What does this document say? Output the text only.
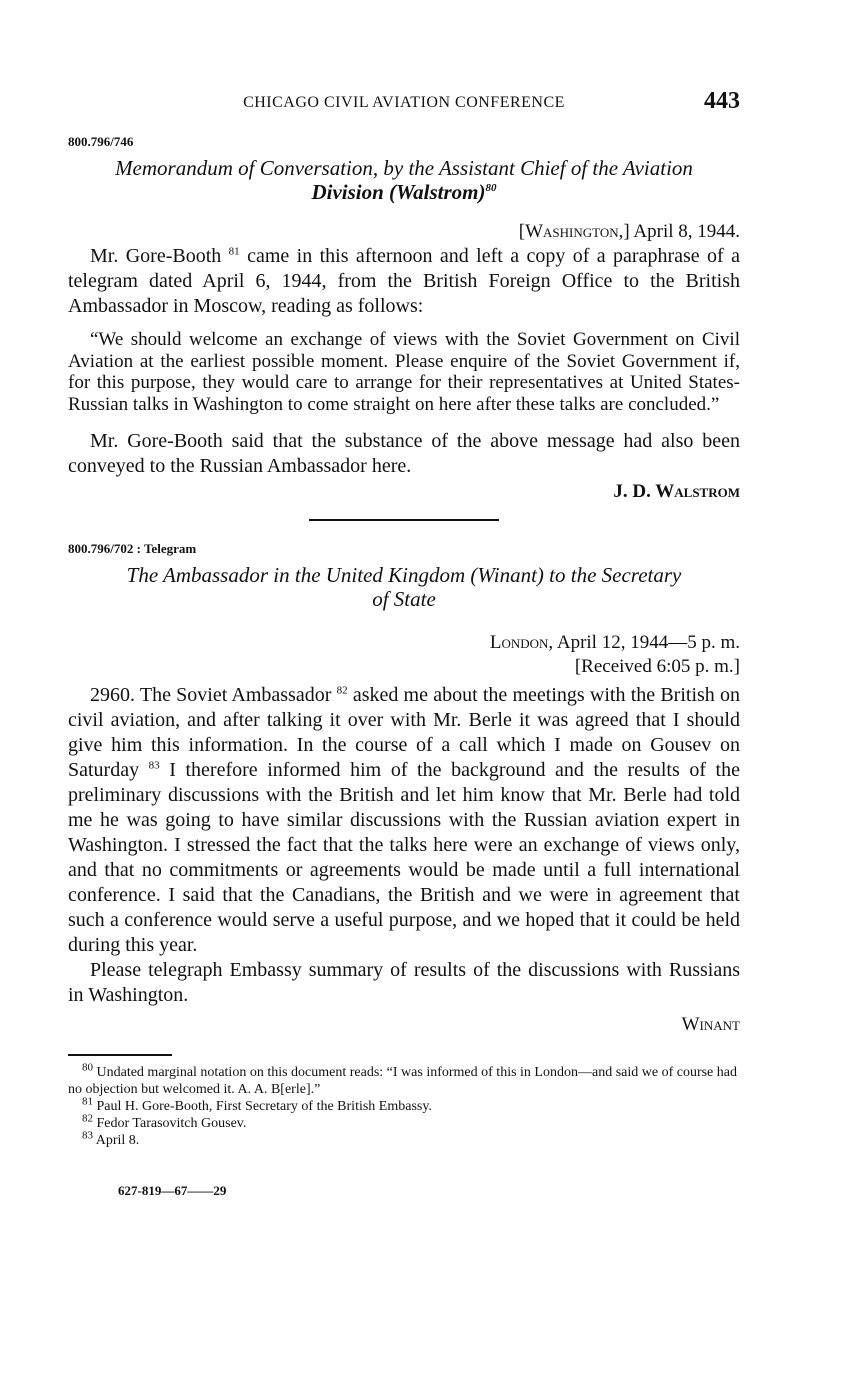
CHICAGO CIVIL AVIATION CONFERENCE	443
800.796/746
Memorandum of Conversation, by the Assistant Chief of the Aviation
Division (Walstrom)$^{80}$
[Washington,] April 8, 1944.

Mr. Gore-Booth $^{81}$ came in this afternoon and left a copy of a paraphrase of a telegram dated April 6, 1944, from the British Foreign Office to the British Ambassador in Moscow, reading as follows:

“We should welcome an exchange of views with the Soviet Government on Civil Aviation at the earliest possible moment. Please enquire of the Soviet Government if, for this purpose, they would care to arrange for their representatives at United States-Russian talks in Washington to come straight on here after these talks are concluded.”

Mr. Gore-Booth said that the substance of the above message had also been conveyed to the Russian Ambassador here.

J. D. Walstrom
800.796/702 : Telegram
The Ambassador in the United Kingdom (Winant) to the Secretary
of State
London, April 12, 1944—5 p. m.
[Received 6:05 p. m.]

2960. The Soviet Ambassador $^{82}$ asked me about the meetings with the British on civil aviation, and after talking it over with Mr. Berle it was agreed that I should give him this information. In the course of a call which I made on Gousev on Saturday $^{83}$ I therefore informed him of the background and the results of the preliminary discussions with the British and let him know that Mr. Berle had told me he was going to have similar discussions with the Russian aviation expert in Washington. I stressed the fact that the talks here were an exchange of views only, and that no commitments or agreements would be made until a full international conference. I said that the Canadians, the British and we were in agreement that such a conference would serve a useful purpose, and we hoped that it could be held during this year.

Please telegraph Embassy summary of results of the discussions with Russians in Washington.

Winant
$^{80}$ Undated marginal notation on this document reads: “I was informed of this in London—and said we of course had no objection but welcomed it. A. A. B[erle].”
$^{81}$ Paul H. Gore-Booth, First Secretary of the British Embassy.
$^{82}$ Fedor Tarasovitch Gousev.
$^{83}$ April 8.
627-819—67——29
